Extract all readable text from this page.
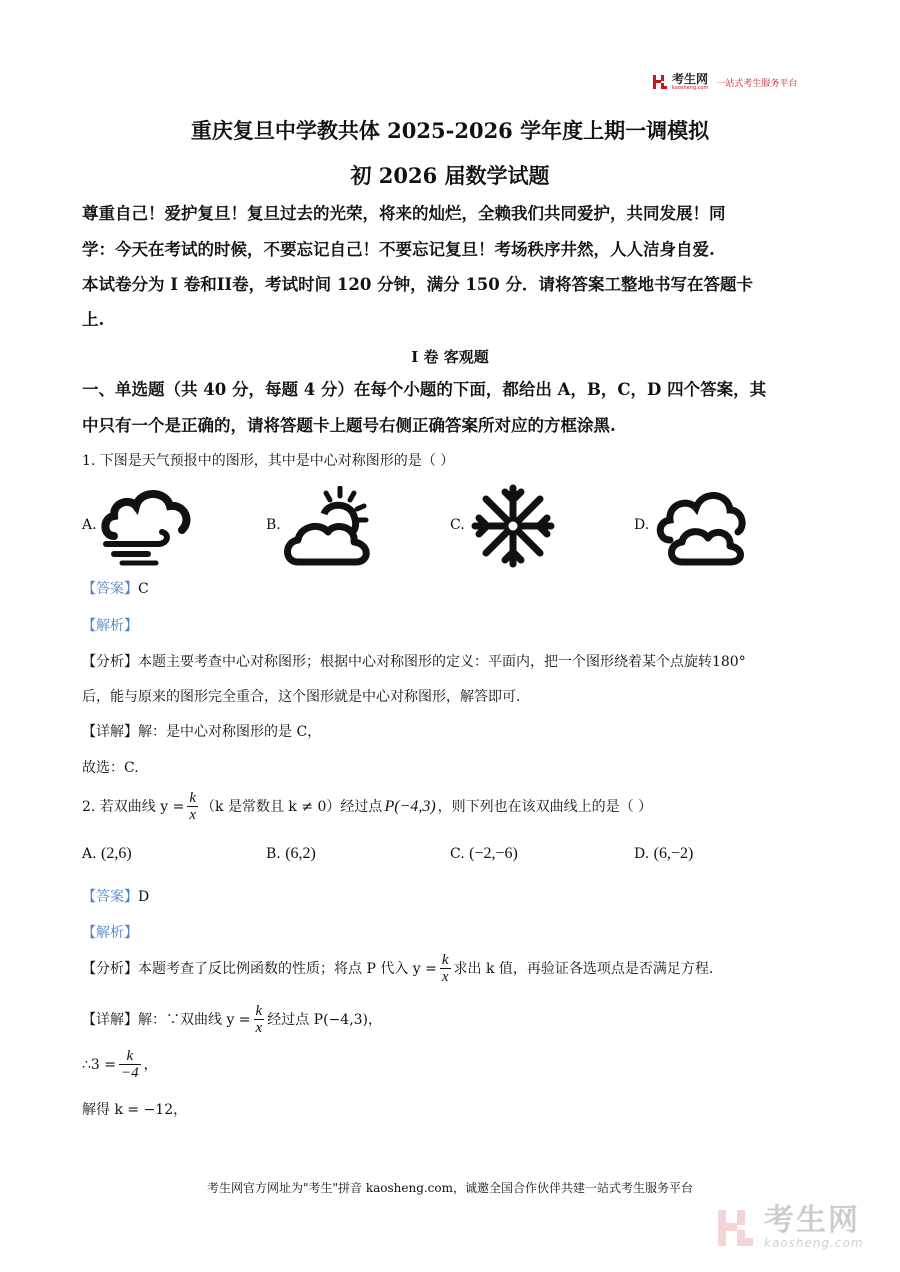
考生网
kaosheng.com 一站式考生服务平台
重庆复旦中学教共体 2025-2026 学年度上期一调模拟
初 2026 届数学试题
尊重自己！爱护复旦！复旦过去的光荣，将来的灿烂，全赖我们共同爱护，共同发展！同
学：今天在考试的时候，不要忘记自己！不要忘记复旦！考场秩序井然，人人洁身自爱.
本试卷分为 I 卷和II卷，考试时间 120 分钟，满分 150 分．请将答案工整地书写在答题卡
上.
I 卷 客观题
一、单选题（共 40 分，每题 4 分）在每个小题的下面，都给出 A，B，C，D 四个答案，其
中只有一个是正确的，请将答题卡上题号右侧正确答案所对应的方框涂黑.
1. 下图是天气预报中的图形，其中是中心对称图形的是（ ）
A.	B.	C.	D.
【答案】C
【解析】
【分析】本题主要考查中心对称图形；根据中心对称图形的定义：平面内，把一个图形绕着某个点旋转180°
后，能与原来的图形完全重合，这个图形就是中心对称图形，解答即可.
【详解】解：是中心对称图形的是 C，
故选：C.
2. 若双曲线 $y = \frac{k}{x} (k$ 是常数且 k ≠ 0）经过点 P(−4,3) ，则下列也在该双曲线上的是（ ）
A. (2,6)	B. (6,2)	C. (−2,−6)	D. (6,−2)
【答案】D
【解析】
【分析】 本题考查了反比例函数的性质；将点 P 代入 $y = \frac{k}{x}$ 求出 k 值，再验证各选项点是否满足方程.
【详解】 解：∵双曲线 $y = \frac{k}{x}$ 经过点 P(−4,3)，
∴3 = $\frac{k}{-4}$ ，
解得 k = −12，
考生网官方网址为"考生"拼音 kaosheng.com，诚邀全国合作伙伴共建一站式考生服务平台
考生网
kaosheng.com
